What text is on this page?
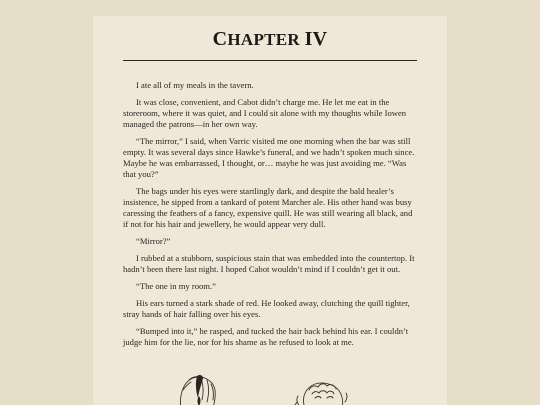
CHAPTER IV

I ate all of my meals in the tavern.

It was close, convenient, and Cabot didn’t charge me. He let me eat in the storeroom, where it was quiet, and I could sit alone with my thoughts while Iowen managed the patrons—in her own way.

“The mirror,” I said, when Varric visited me one morning when the bar was still empty. It was several days since Hawke’s funeral, and we hadn’t spoken much since. Maybe he was embarrassed, I thought, or… maybe he was just avoiding me. “Was that you?”

The bags under his eyes were startlingly dark, and despite the bald healer’s insistence, he sipped from a tankard of potent Marcher ale. His other hand was busy caressing the feathers of a fancy, expensive quill. He was still wearing all black, and if not for his hair and jewellery, he would appear very dull.

“Mirror?”

I rubbed at a stubborn, suspicious stain that was embedded into the countertop. It hadn’t been there last night. I hoped Cabot wouldn’t mind if I couldn’t get it out.

“The one in my room.”

His ears turned a stark shade of red. He looked away, clutching the quill tighter, stray hands of hair falling over his eyes.

“Bumped into it,” he rasped, and tucked the hair back behind his ear. I couldn’t judge him for the lie, nor for his shame as he refused to look at me.
